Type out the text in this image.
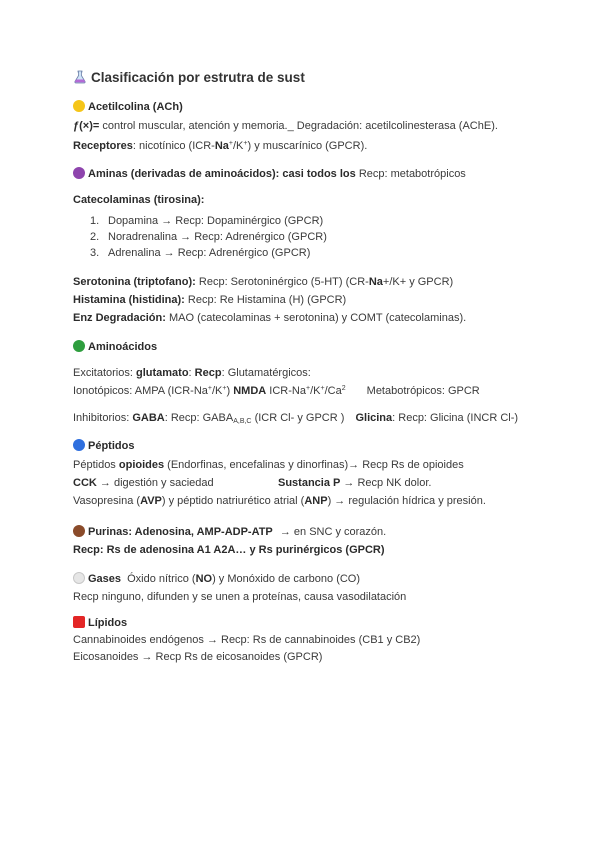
Clasificación por estrutra de sust
Acetilcolina (ACh)
ƒ(×)= control muscular, atención y memoria._ Degradación: acetilcolinesterasa (AChE).
Receptores: nicotínico (ICR-Na+/K+) y muscarínico (GPCR).
Aminas (derivadas de aminoácidos): casi todos los Recp: metabotrópicos
Catecolaminas (tirosina):
1. Dopamina → Recp: Dopaminérgico (GPCR)
2. Noradrenalina → Recp: Adrenérgico (GPCR)
3. Adrenalina → Recp: Adrenérgico (GPCR)
Serotonina (triptofano): Recp: Serotoninérgico (5-HT) (CR-Na+/K+ y GPCR)
Histamina (histidina): Recp: Re Histamina (H) (GPCR)
Enz Degradación: MAO (catecolaminas + serotonina) y COMT (catecolaminas).
Aminoácidos
Excitatorios: glutamato: Recp: Glutamatérgicos:
Ionotópicos: AMPA (ICR-Na+/K+) NMDA ICR-Na+/K+/Ca$^2$ Metabotrópicos: GPCR
Inhibitorios: GABA: Recp: $GABA_{A,B,C}$ (ICR Cl- y GPCR ) Glicina: Recp: Glicina (INCR Cl-)
Péptidos
Péptidos opioides (Endorfinas, encefalinas y dinorfinas)→ Recp Rs de opioides
CCK → digestión y saciedad	Sustancia P → Recp NK dolor.
Vasopresina (AVP) y péptido natriurético atrial (ANP) → regulación hídrica y presión.
Purinas: Adenosina, AMP-ADP-ATP → en SNC y corazón.
Recp: Rs de adenosina A1 A2A… y Rs purinérgicos (GPCR)
Gases Óxido nítrico (NO) y Monóxido de carbono (CO)
Recp ninguno, difunden y se unen a proteínas, causa vasodilatación
Lípidos
Cannabinoides endógenos → Recp: Rs de cannabinoides (CB1 y CB2)
Eicosanoides → Recp Rs de eicosanoides (GPCR)
